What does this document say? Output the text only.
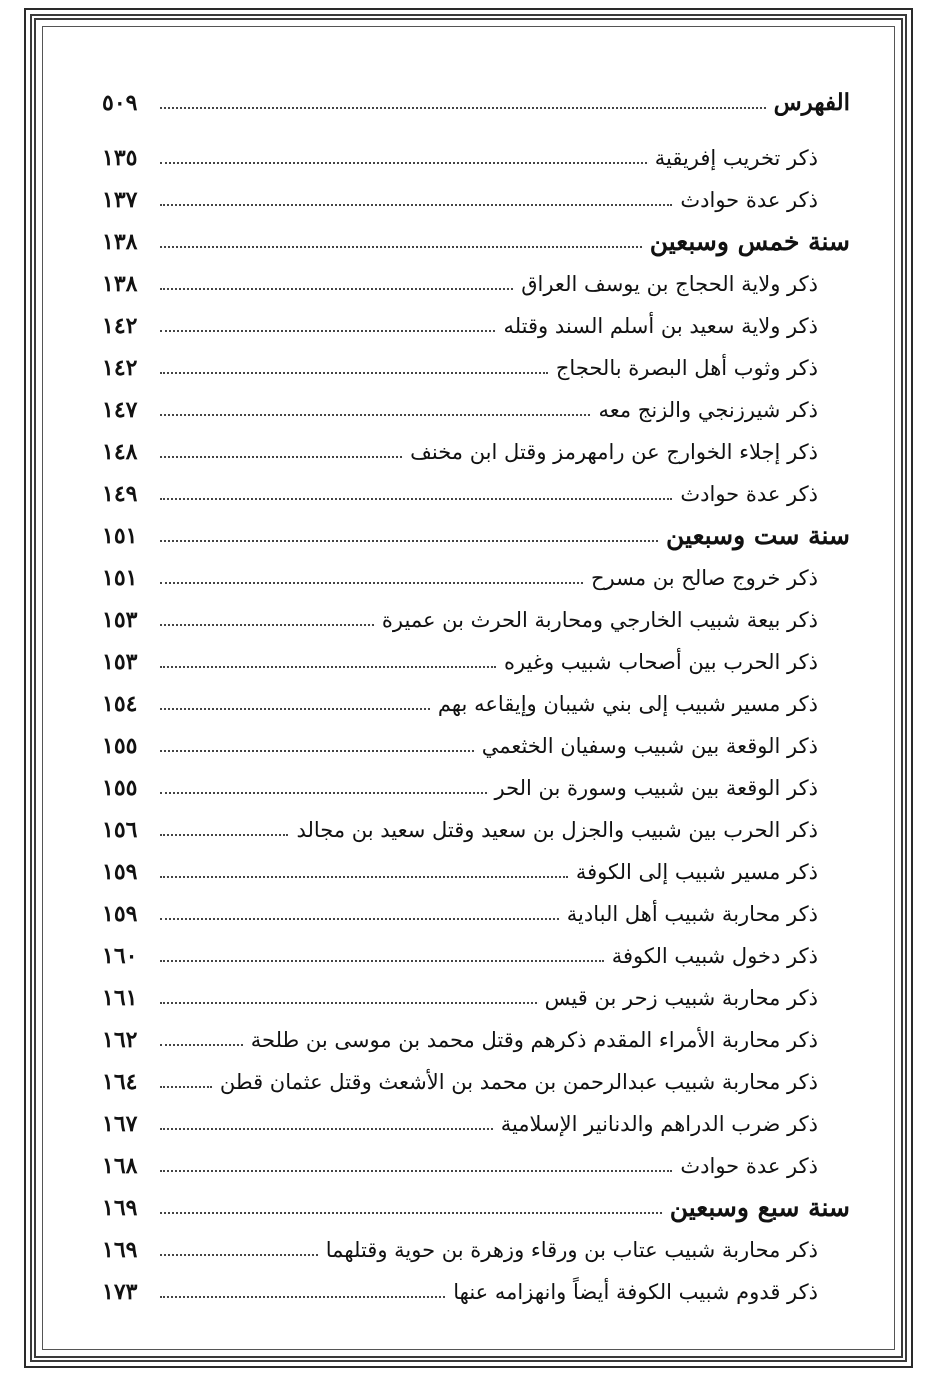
٥٠٩	الفهرس
١٣٥	ذكر تخريب إفريقية
١٣٧	ذكر عدة حوادث
١٣٨	سنة خمس وسبعين
١٣٨	ذكر ولاية الحجاج بن يوسف العراق
١٤٢	ذكر ولاية سعيد بن أسلم السند وقتله
١٤٢	ذكر وثوب أهل البصرة بالحجاج
١٤٧	ذكر شيرزنجي والزنج معه
١٤٨	ذكر إجلاء الخوارج عن رامهرمز وقتل ابن مخنف
١٤٩	ذكر عدة حوادث
١٥١	سنة ست وسبعين
١٥١	ذكر خروج صالح بن مسرح
١٥٣	ذكر بيعة شبيب الخارجي ومحاربة الحرث بن عميرة
١٥٣	ذكر الحرب بين أصحاب شبيب وغيره
١٥٤	ذكر مسير شبيب إلى بني شيبان وإيقاعه بهم
١٥٥	ذكر الوقعة بين شبيب وسفيان الخثعمي
١٥٥	ذكر الوقعة بين شبيب وسورة بن الحر
١٥٦	ذكر الحرب بين شبيب والجزل بن سعيد وقتل سعيد بن مجالد
١٥٩	ذكر مسير شبيب إلى الكوفة
١٥٩	ذكر محاربة شبيب أهل البادية
١٦٠	ذكر دخول شبيب الكوفة
١٦١	ذكر محاربة شبيب زحر بن قيس
١٦٢	ذكر محاربة الأمراء المقدم ذكرهم وقتل محمد بن موسى بن طلحة
١٦٤	ذكر محاربة شبيب عبدالرحمن بن محمد بن الأشعث وقتل عثمان قطن
١٦٧	ذكر ضرب الدراهم والدنانير الإسلامية
١٦٨	ذكر عدة حوادث
١٦٩	سنة سبع وسبعين
١٦٩	ذكر محاربة شبيب عتاب بن ورقاء وزهرة بن حوية وقتلهما
١٧٣	ذكر قدوم شبيب الكوفة أيضاً وانهزامه عنها
